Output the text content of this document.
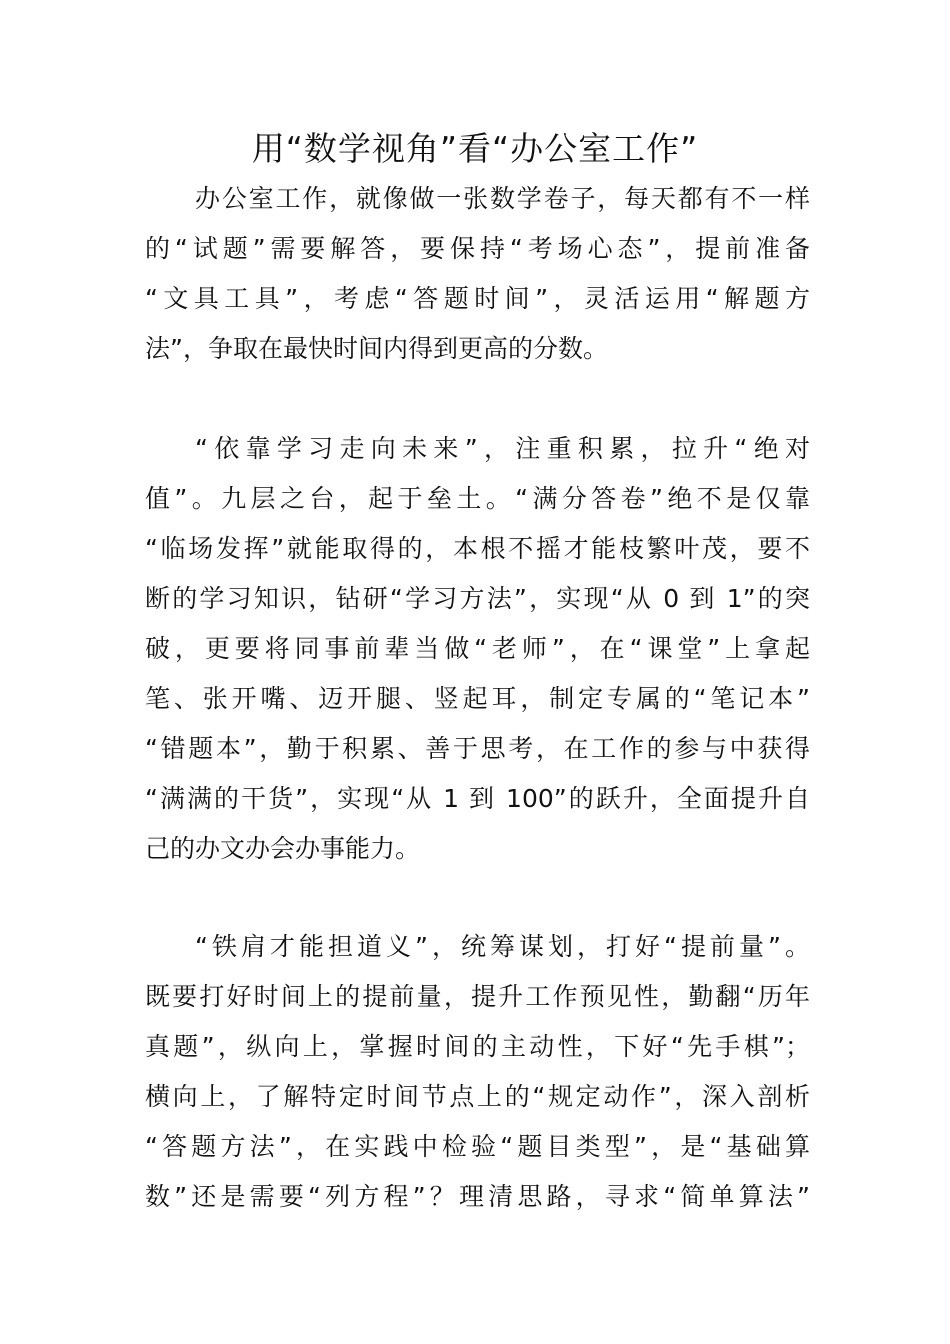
用“数学视角”看“办公室工作”
办公室工作，就像做一张数学卷子，每天都有不一样
的“试题”需要解答，要保持“考场心态”，提前准备
“文具工具”，考虑“答题时间”，灵活运用“解题方
法”，争取在最快时间内得到更高的分数。
“依靠学习走向未来”，注重积累，拉升“绝对
值”。九层之台，起于垒土。“满分答卷”绝不是仅靠
“临场发挥”就能取得的，本根不摇才能枝繁叶茂，要不
断的学习知识，钻研“学习方法”，实现“从 0 到 1”的突
破，更要将同事前辈当做“老师”，在“课堂”上拿起
笔、张开嘴、迈开腿、竖起耳，制定专属的“笔记本”
“错题本”，勤于积累、善于思考，在工作的参与中获得
“满满的干货”，实现“从 1 到 100”的跃升，全面提升自
己的办文办会办事能力。
“铁肩才能担道义”，统筹谋划，打好“提前量”。
既要打好时间上的提前量，提升工作预见性，勤翻“历年
真题”，纵向上，掌握时间的主动性，下好“先手棋”；
横向上，了解特定时间节点上的“规定动作”，深入剖析
“答题方法”，在实践中检验“题目类型”，是“基础算
数”还是需要“列方程”？理清思路，寻求“简单算法”
